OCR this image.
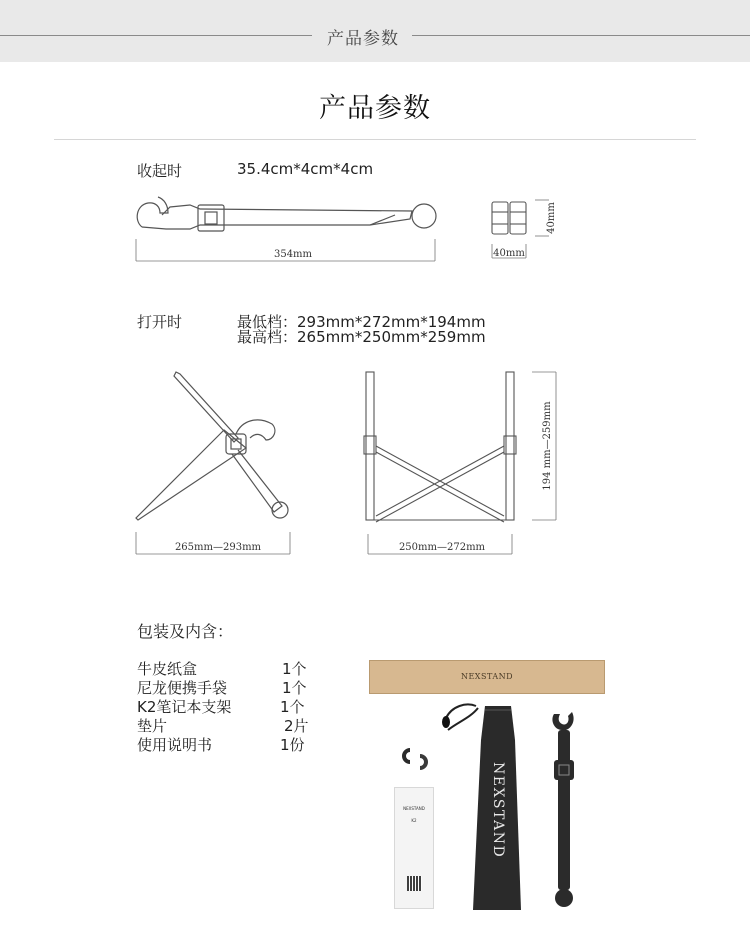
产品参数
产品参数
收起时	35.4cm*4cm*4cm
354mm
40mm
40mm
打开时	最低档：293mm*272mm*194mm
最高档：265mm*250mm*259mm
265mm—293mm
194 mm—259mm
250mm—272mm
包装及内含：
牛皮纸盒	1个
尼龙便携手袋	1个
K2笔记本支架	1个
垫片	2片
使用说明书	1份
NEXSTAND
NEXSTAND
K2	NEXSTAND
